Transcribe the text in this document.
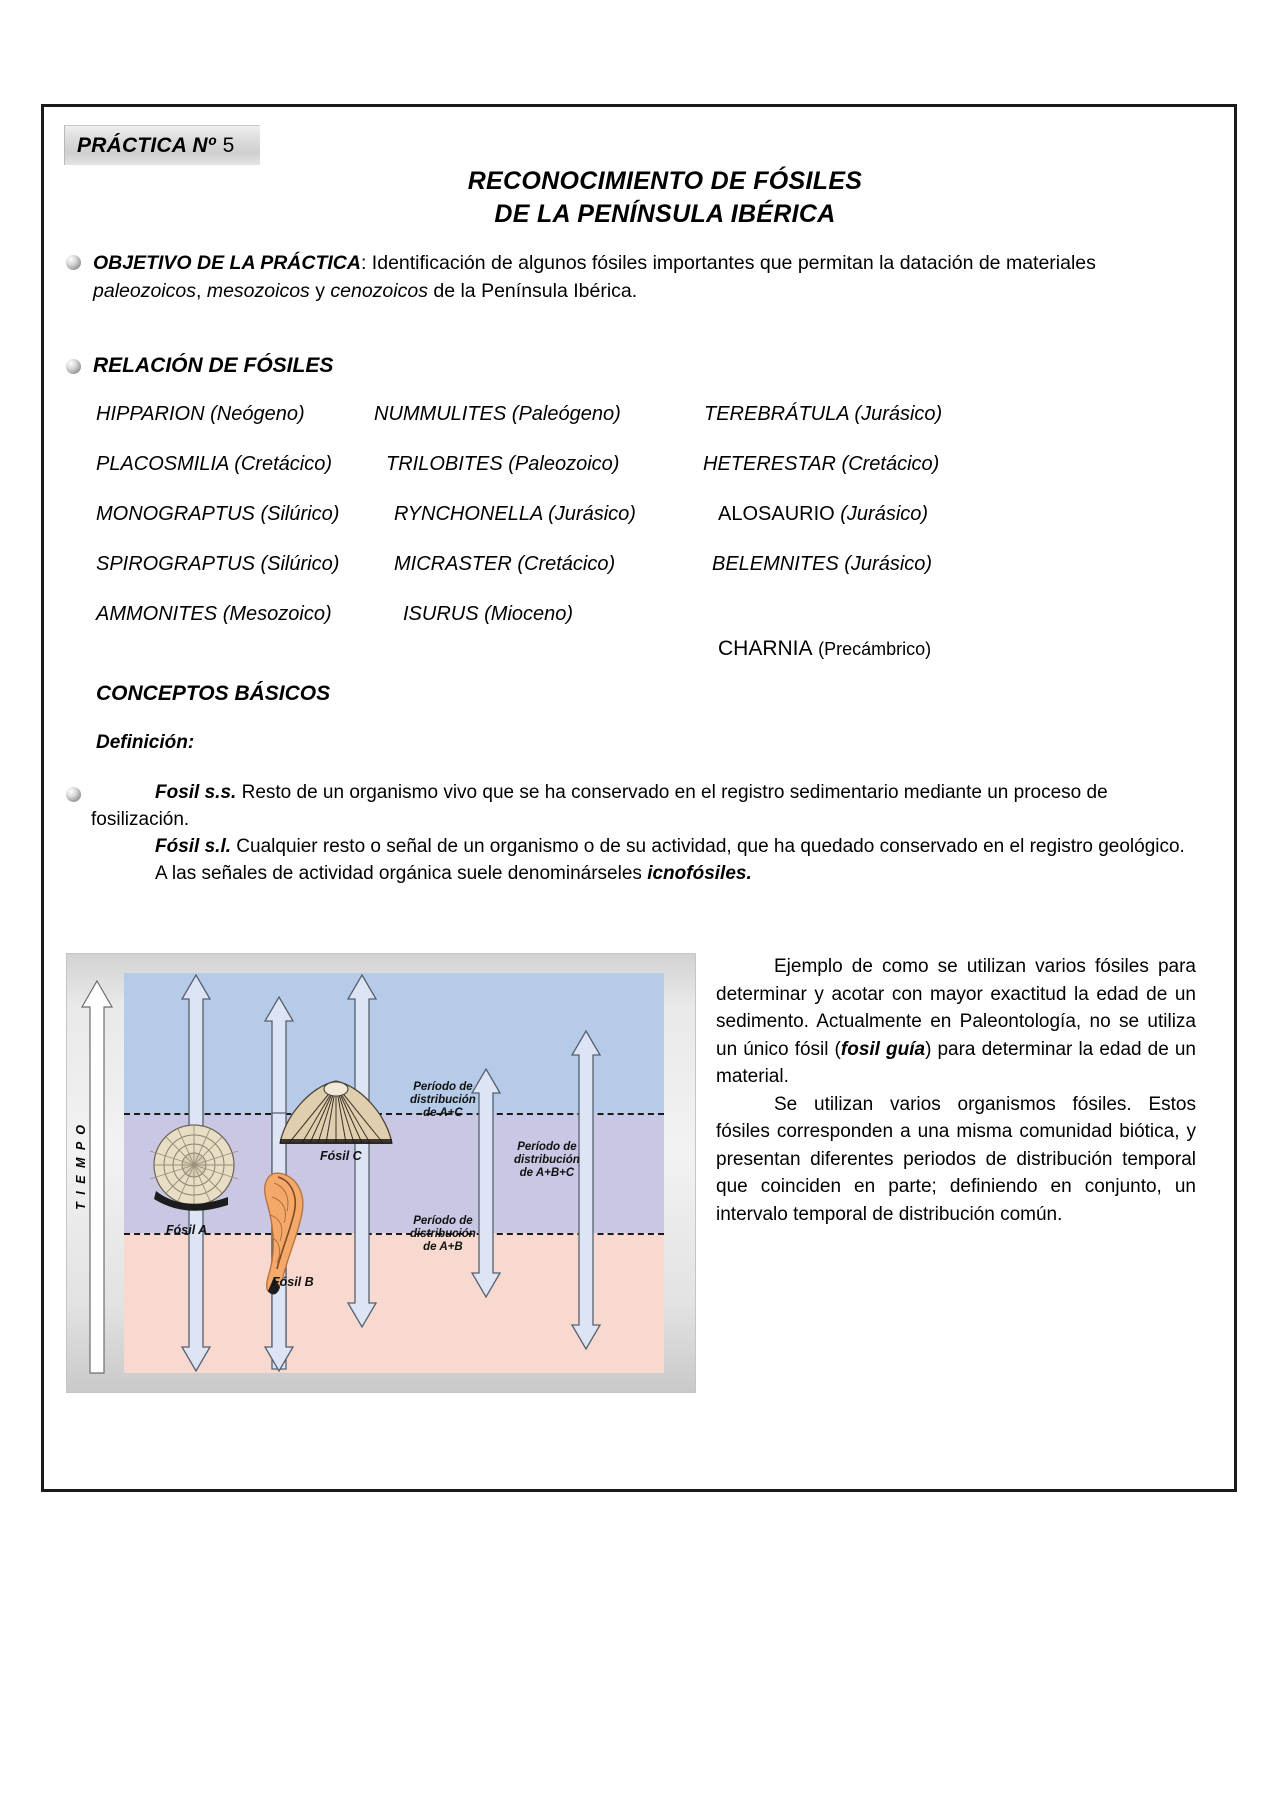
PRÁCTICA Nº 5
RECONOCIMIENTO DE FÓSILES
DE LA PENÍNSULA IBÉRICA
OBJETIVO DE LA PRÁCTICA: Identificación de algunos fósiles importantes que permitan la datación de materiales paleozoicos, mesozoicos y cenozoicos de la Península Ibérica.
RELACIÓN DE FÓSILES
HIPPARION (Neógeno)	NUMMULITES (Paleógeno)	TEREBRÁTULA (Jurásico)
PLACOSMILIA (Cretácico)	TRILOBITES (Paleozoico)	HETERESTAR (Cretácico)
MONOGRAPTUS (Silúrico)	RYNCHONELLA (Jurásico)	ALOSAURIO (Jurásico)
SPIROGRAPTUS (Silúrico)	MICRASTER (Cretácico)	BELEMNITES (Jurásico)
AMMONITES (Mesozoico)	ISURUS (Mioceno)
CHARNIA (Precámbrico)
CONCEPTOS BÁSICOS
Definición:

Fosil s.s. Resto de un organismo vivo que se ha conservado en el registro sedimentario mediante un proceso de fosilización.

Fósil s.l. Cualquier resto o señal de un organismo o de su actividad, que ha quedado conservado en el registro geológico.

A las señales de actividad orgánica suele denominárseles icnofósiles.

T I E M P O
Fósil A
Fósil C
Fósil B
Período de
distribución
de A+C
Período de
distribución
de A+B+C
Período de
distribución
de A+B

Ejemplo de como se utilizan varios fósiles para determinar y acotar con mayor exactitud la edad de un sedimento. Actualmente en Paleontología, no se utiliza un único fósil (fosil guía) para determinar la edad de un material.

Se utilizan varios organismos fósiles. Estos fósiles corresponden a una misma comunidad biótica, y presentan diferentes periodos de distribución temporal que coinciden en parte; definiendo en conjunto, un intervalo temporal de distribución común.
